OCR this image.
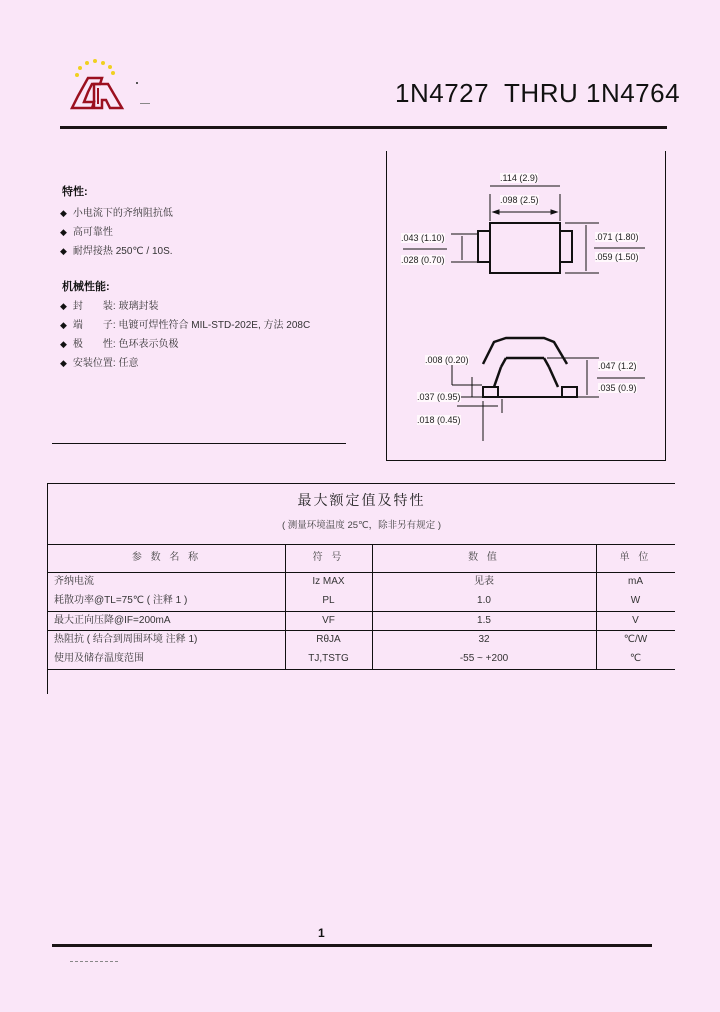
1N4727  THRU 1N4764
特性:
◆ 小电流下的齐纳阻抗低
◆ 高可靠性
◆ 耐焊接热 250℃ / 10S.
机械性能:
◆ 封　　装: 玻璃封装
◆ 端　　子: 电镀可焊性符合 MIL-STD-202E, 方法 208C
◆ 极　　性: 色环表示负极
◆ 安装位置: 任意
.114 (2.9)
.098 (2.5)
.043 (1.10)
.028 (0.70)
.071 (1.80)
.059 (1.50)
.008 (0.20)
.047 (1.2)
.035 (0.9)
.037 (0.95)
.018 (0.45)
最大额定值及特性
( 测量环境温度 25℃，除非另有规定 )
参 数 名 称	符 号	数 值	单 位
齐纳电流	Iz MAX	见表	mA
耗散功率@TL=75℃ ( 注释 1 )	PL	1.0	W
最大正向压降@IF=200mA	VF	1.5	V
热阻抗 ( 结合到周围环境 注释 1)	RθJA	32	℃/W
使用及储存温度范围	TJ,TSTG	-55 ~ +200	℃
1
